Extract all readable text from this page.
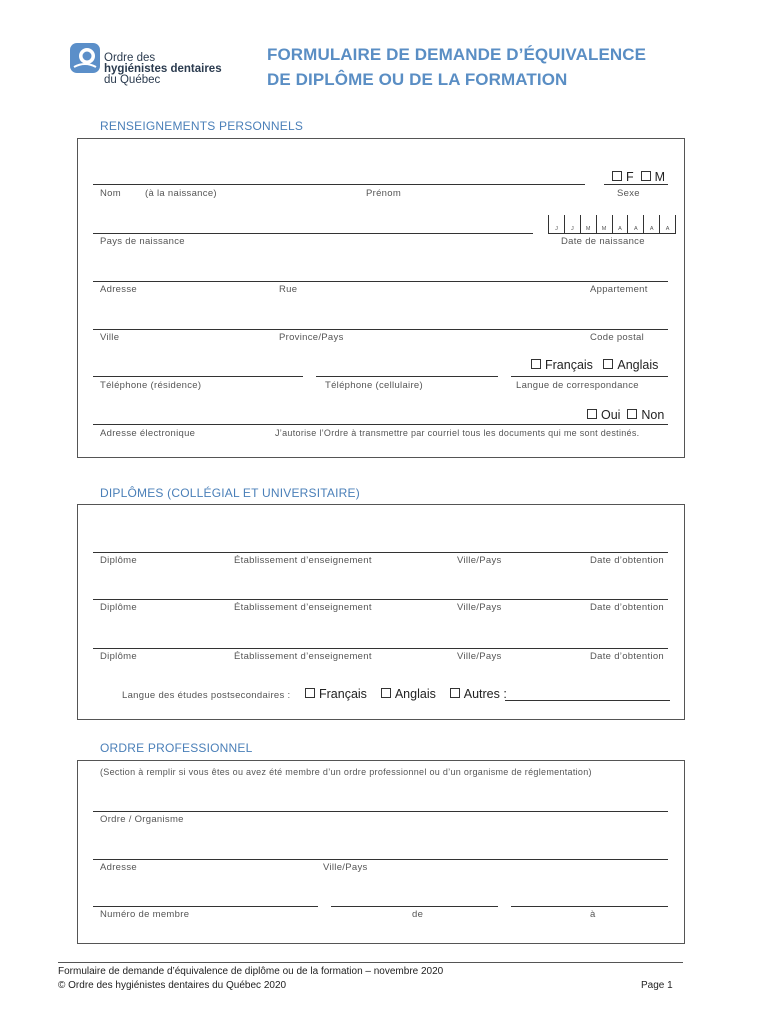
Ordre des
hygiénistes dentaires
du Québec
FORMULAIRE DE DEMANDE D’ÉQUIVALENCE
DE DIPLÔME OU DE LA FORMATION
RENSEIGNEMENTS PERSONNELS
F M
Nom	(à la naissance)	Prénom	Sexe
J	J	M	M	A	A	A	A
Pays de naissance	Date de naissance
Adresse	Rue	Appartement
Ville	Province/Pays	Code postal
Français Anglais
Téléphone (résidence)	Téléphone (cellulaire)	Langue de correspondance
Oui Non
Adresse électronique	J’autorise l’Ordre à transmettre par courriel tous les documents qui me sont destinés.
DIPLÔMES (COLLÉGIAL ET UNIVERSITAIRE)
Diplôme	Établissement d’enseignement	Ville/Pays	Date d’obtention
Diplôme	Établissement d’enseignement	Ville/Pays	Date d’obtention
Diplôme	Établissement d’enseignement	Ville/Pays	Date d’obtention
Langue des études postsecondaires :	Français Anglais Autres :
ORDRE PROFESSIONNEL
(Section à remplir si vous êtes ou avez été membre d’un ordre professionnel ou d’un organisme de réglementation)
Ordre / Organisme
Adresse	Ville/Pays
Numéro de membre	de	à
Formulaire de demande d’équivalence de diplôme ou de la formation – novembre 2020
© Ordre des hygiénistes dentaires du Québec 2020	Page 1
